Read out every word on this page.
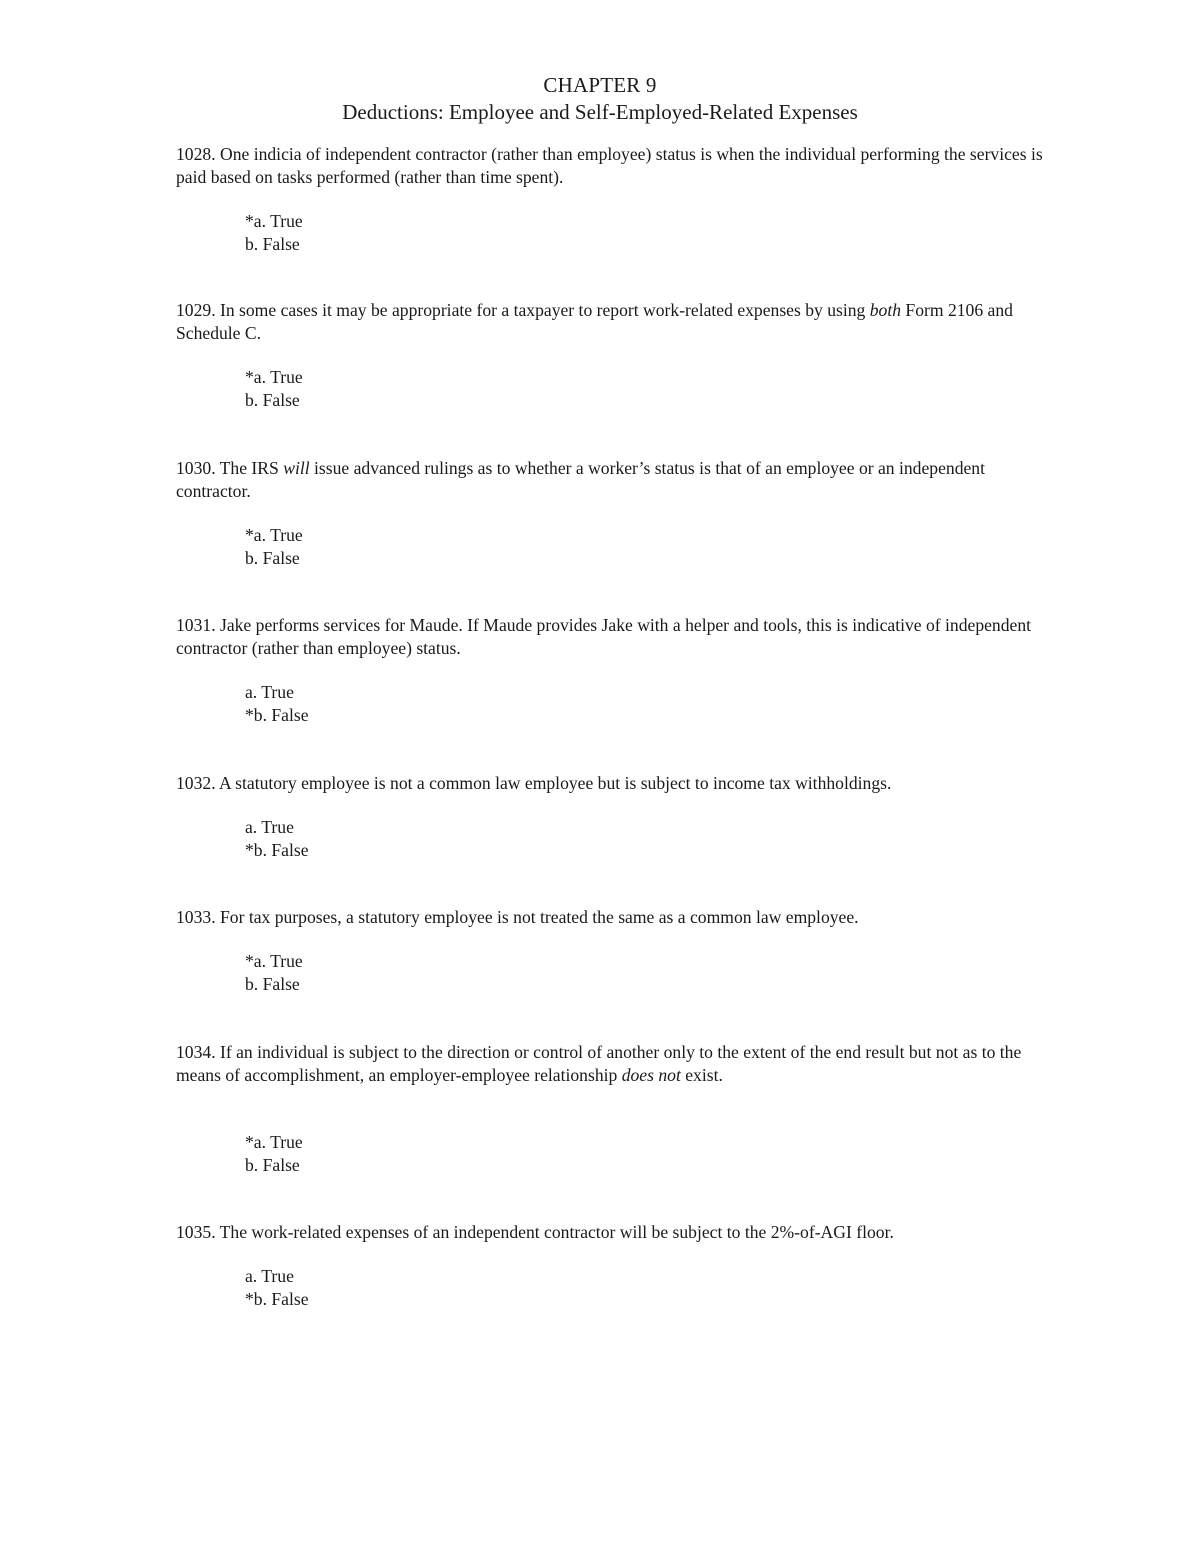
CHAPTER 9
Deductions: Employee and Self-Employed-Related Expenses

1028. One indicia of independent contractor (rather than employee) status is when the individual performing the services is paid based on tasks performed (rather than time spent).

*a. True
b. False

1029. In some cases it may be appropriate for a taxpayer to report work-related expenses by using both Form 2106 and Schedule C.

*a. True
b. False

1030. The IRS will issue advanced rulings as to whether a worker’s status is that of an employee or an independent contractor.

*a. True
b. False

1031. Jake performs services for Maude. If Maude provides Jake with a helper and tools, this is indicative of independent contractor (rather than employee) status.

a. True
*b. False

1032. A statutory employee is not a common law employee but is subject to income tax withholdings.

a. True
*b. False

1033. For tax purposes, a statutory employee is not treated the same as a common law employee.

*a. True
b. False

1034. If an individual is subject to the direction or control of another only to the extent of the end result but not as to the means of accomplishment, an employer-employee relationship does not exist.

*a. True
b. False

1035. The work-related expenses of an independent contractor will be subject to the 2%-of-AGI floor.

a. True
*b. False
